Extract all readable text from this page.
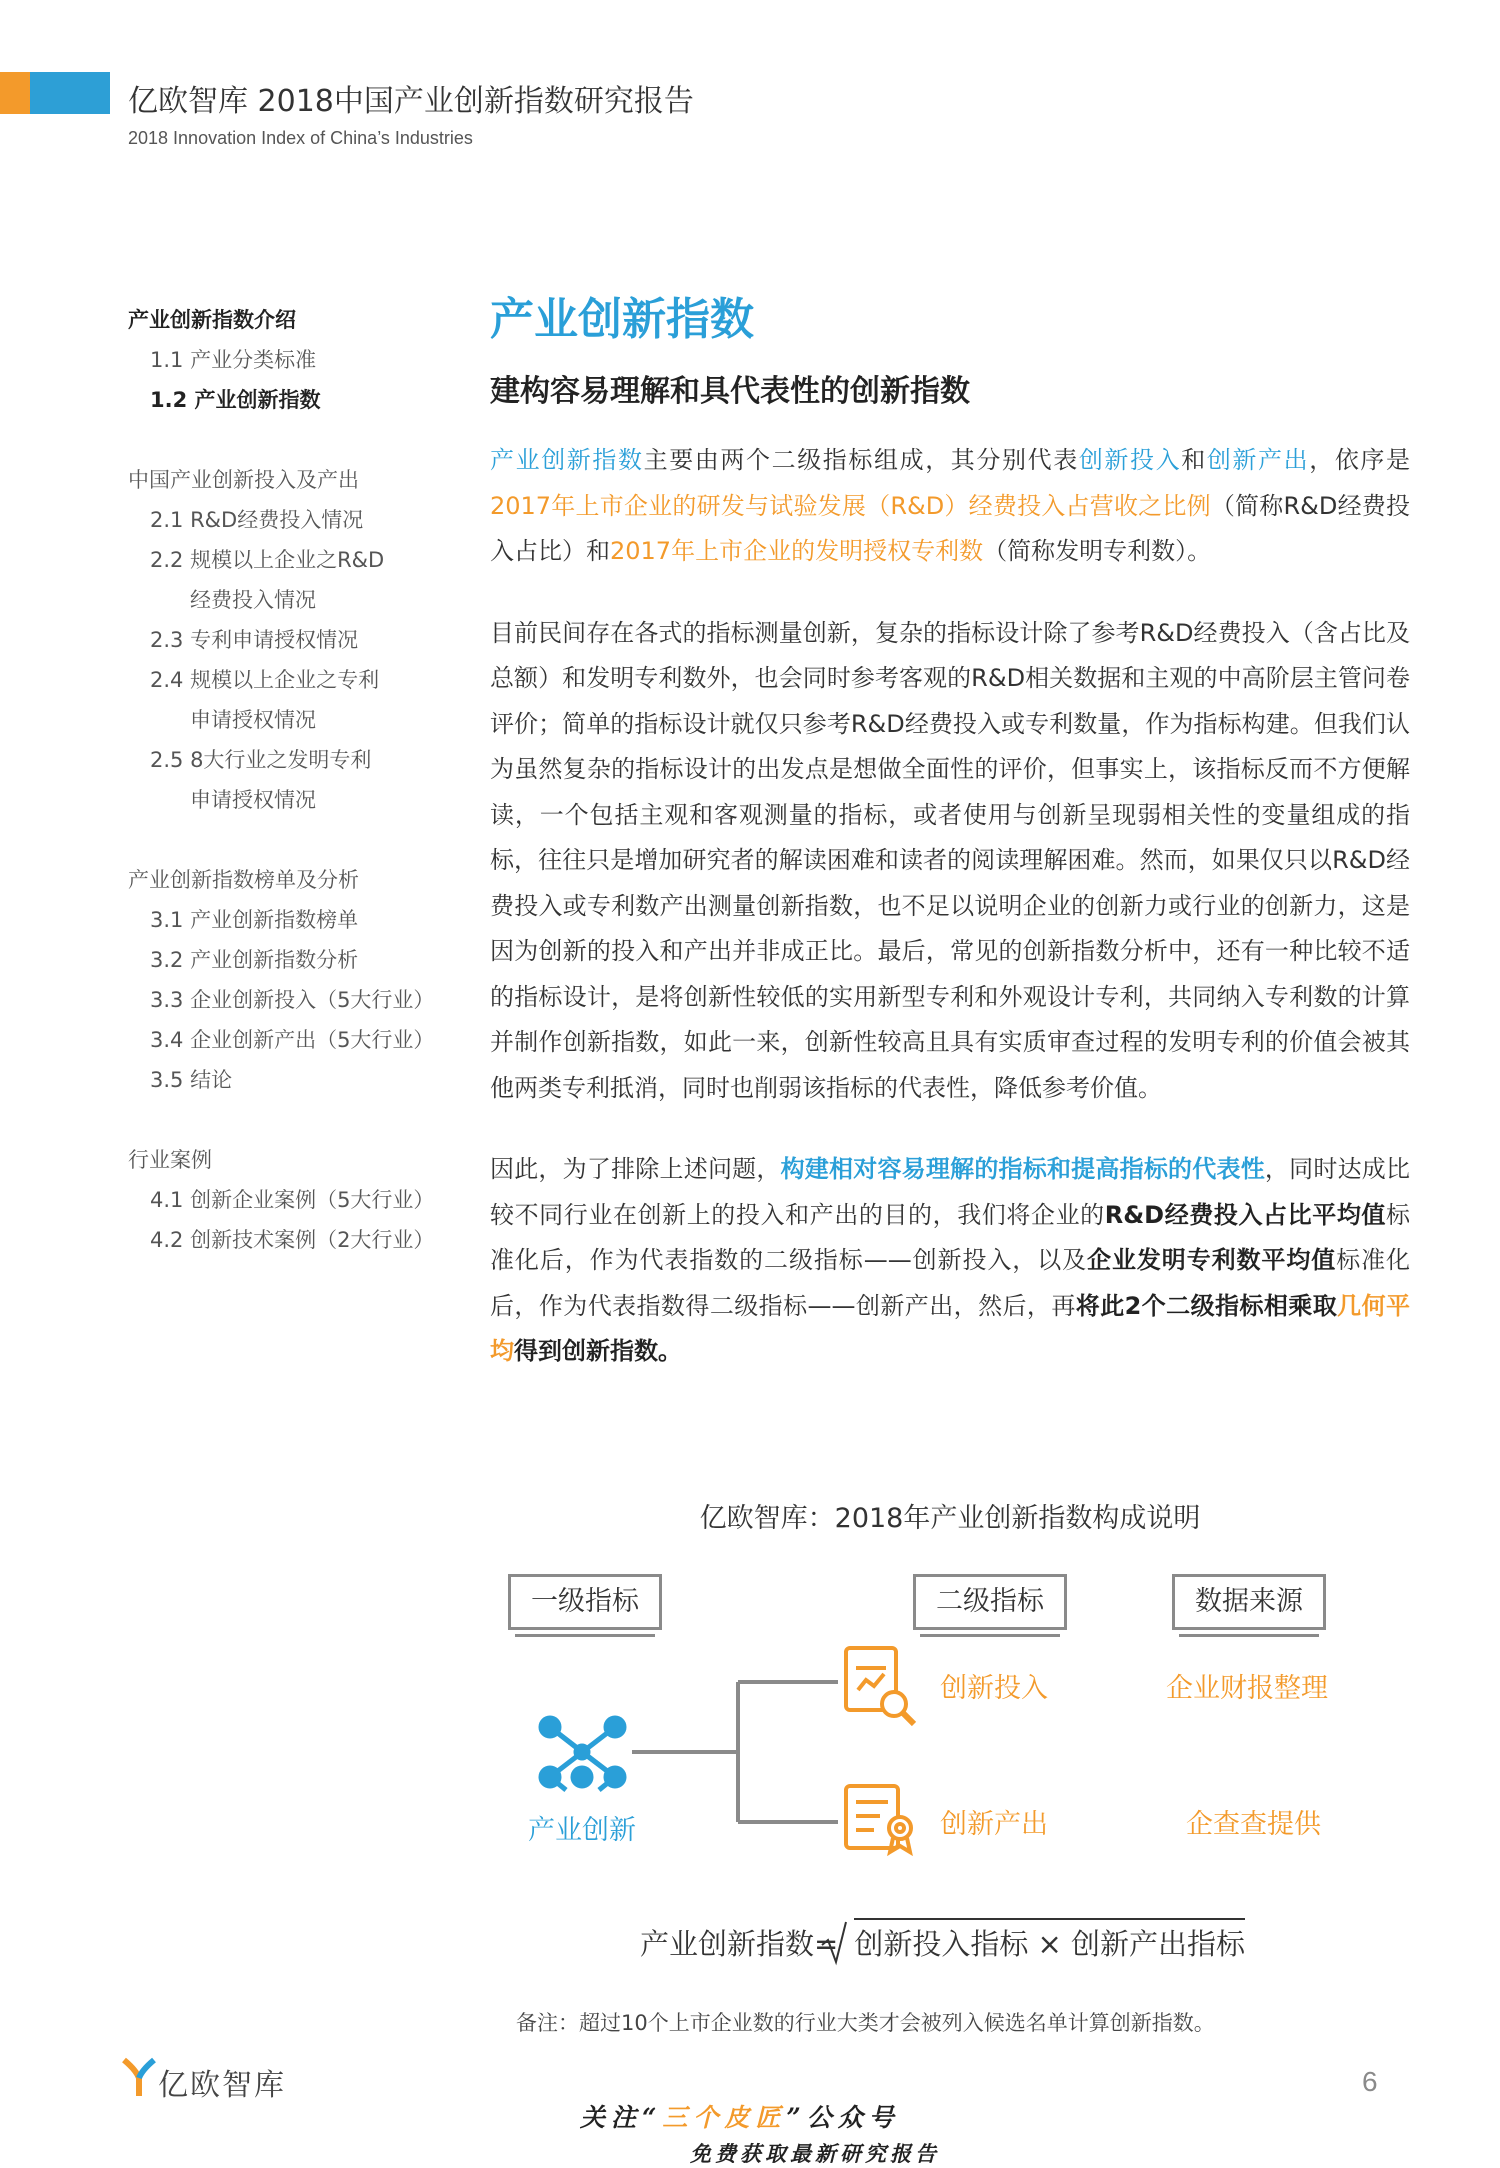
亿欧智库 2018中国产业创新指数研究报告
2018 Innovation Index of China’s Industries
产业创新指数介绍
1.1 产业分类标准
1.2 产业创新指数
中国产业创新投入及产出
2.1 R&D经费投入情况
2.2 规模以上企业之R&D
经费投入情况
2.3 专利申请授权情况
2.4 规模以上企业之专利
申请授权情况
2.5 8大行业之发明专利
申请授权情况
产业创新指数榜单及分析
3.1 产业创新指数榜单
3.2 产业创新指数分析
3.3 企业创新投入（5大行业）
3.4 企业创新产出（5大行业）
3.5 结论
行业案例
4.1 创新企业案例（5大行业）
4.2 创新技术案例（2大行业）
产业创新指数
建构容易理解和具代表性的创新指数

产业创新指数主要由两个二级指标组成，其分别代表创新投入和创新产出，依序是2017年上市企业的研发与试验发展（R&D）经费投入占营收之比例（简称R&D经费投入占比）和2017年上市企业的发明授权专利数（简称发明专利数）。

目前民间存在各式的指标测量创新，复杂的指标设计除了参考R&D经费投入（含占比及总额）和发明专利数外，也会同时参考客观的R&D相关数据和主观的中高阶层主管问卷评价；简单的指标设计就仅只参考R&D经费投入或专利数量，作为指标构建。但我们认为虽然复杂的指标设计的出发点是想做全面性的评价，但事实上，该指标反而不方便解读，一个包括主观和客观测量的指标，或者使用与创新呈现弱相关性的变量组成的指标，往往只是增加研究者的解读困难和读者的阅读理解困难。然而，如果仅只以R&D经费投入或专利数产出测量创新指数，也不足以说明企业的创新力或行业的创新力，这是因为创新的投入和产出并非成正比。最后，常见的创新指数分析中，还有一种比较不适的指标设计，是将创新性较低的实用新型专利和外观设计专利，共同纳入专利数的计算并制作创新指数，如此一来，创新性较高且具有实质审查过程的发明专利的价值会被其他两类专利抵消，同时也削弱该指标的代表性，降低参考价值。

因此，为了排除上述问题，构建相对容易理解的指标和提高指标的代表性，同时达成比较不同行业在创新上的投入和产出的目的，我们将企业的R&D经费投入占比平均值标准化后，作为代表指数的二级指标——创新投入，以及企业发明专利数平均值标准化后，作为代表指数得二级指标——创新产出，然后，再将此2个二级指标相乘取几何平均得到创新指数。

亿欧智库：2018年产业创新指数构成说明
一级指标	二级指标	数据来源
产业创新
创新投入
创新产出
企业财报整理
企查查提供
产业创新指数= 创新投入指标 × 创新产出指标
备注：超过10个上市企业数的行业大类才会被列入候选名单计算创新指数。
亿欧智库	6
关注“三个皮匠”公众号
免费获取最新研究报告
